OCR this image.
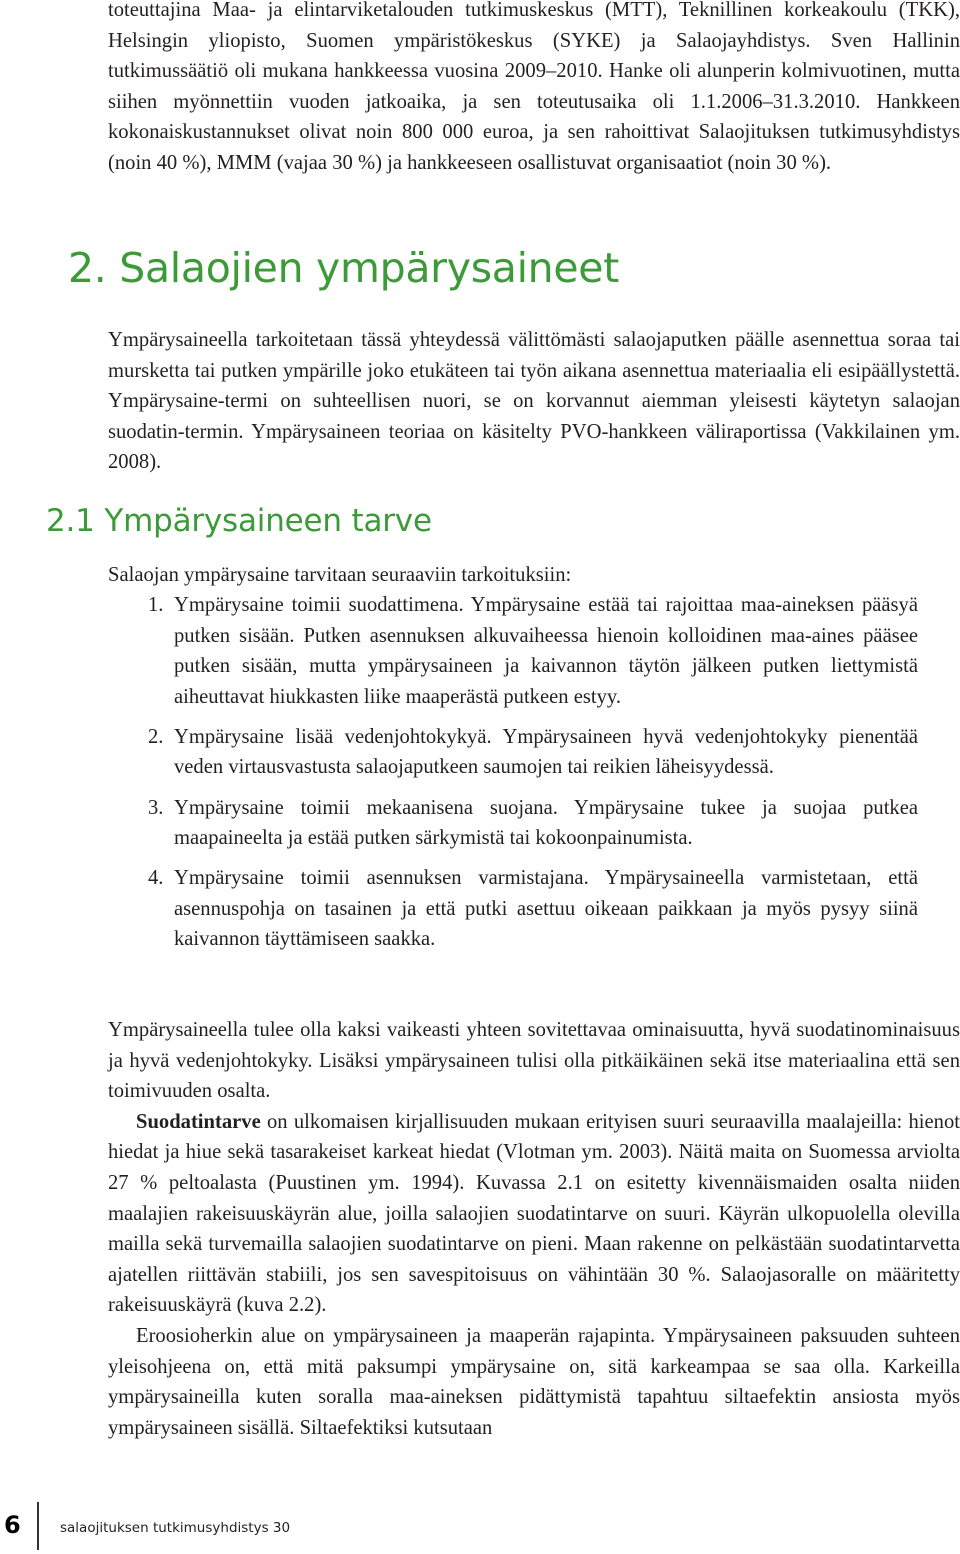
toteuttajina Maa- ja elintarviketalouden tutkimuskeskus (MTT), Teknillinen korkeakoulu (TKK), Helsingin yliopisto, Suomen ympäristökeskus (SYKE) ja Salaojayhdistys. Sven Hallinin tutkimussäätiö oli mukana hankkeessa vuosina 2009–2010. Hanke oli alunperin kolmivuotinen, mutta siihen myönnettiin vuoden jatkoaika, ja sen toteutusaika oli 1.1.2006–31.3.2010. Hankkeen kokonaiskustannukset olivat noin 800 000 euroa, ja sen rahoittivat Salaojituksen tutkimusyhdistys (noin 40 %), MMM (vajaa 30 %) ja hankkeeseen osallistuvat organisaatiot (noin 30 %).

2. Salaojien ympärysaineet

Ympärysaineella tarkoitetaan tässä yhteydessä välittömästi salaojaputken päälle asennettua soraa tai mursketta tai putken ympärille joko etukäteen tai työn aikana asennettua materiaalia eli esipäällystettä. Ympärysaine-termi on suhteellisen nuori, se on korvannut aiemman yleisesti käytetyn salaojan suodatin-termin. Ympärysaineen teoriaa on käsitelty PVO-hankkeen väliraportissa (Vakkilainen ym. 2008).

2.1 Ympärysaineen tarve

Salaojan ympärysaine tarvitaan seuraaviin tarkoituksiin:

1. Ympärysaine toimii suodattimena. Ympärysaine estää tai rajoittaa maa-aineksen pääsyä putken sisään. Putken asennuksen alkuvaiheessa hienoin kolloidinen maa-aines pääsee putken sisään, mutta ympärysaineen ja kaivannon täytön jälkeen putken liettymistä aiheuttavat hiukkasten liike maaperästä putkeen estyy.
2. Ympärysaine lisää vedenjohtokykyä. Ympärysaineen hyvä vedenjohtokyky pienentää veden virtausvastusta salaojaputkeen saumojen tai reikien läheisyydessä.
3. Ympärysaine toimii mekaanisena suojana. Ympärysaine tukee ja suojaa putkea maapaineelta ja estää putken särkymistä tai kokoonpainumista.
4. Ympärysaine toimii asennuksen varmistajana. Ympärysaineella varmistetaan, että asennuspohja on tasainen ja että putki asettuu oikeaan paikkaan ja myös pysyy siinä kaivannon täyttämiseen saakka.

Ympärysaineella tulee olla kaksi vaikeasti yhteen sovitettavaa ominaisuutta, hyvä suodatinominaisuus ja hyvä vedenjohtokyky. Lisäksi ympärysaineen tulisi olla pitkäikäinen sekä itse materiaalina että sen toimivuuden osalta.

Suodatintarve on ulkomaisen kirjallisuuden mukaan erityisen suuri seuraavilla maalajeilla: hienot hiedat ja hiue sekä tasarakeiset karkeat hiedat (Vlotman ym. 2003). Näitä maita on Suomessa arviolta 27 % peltoalasta (Puustinen ym. 1994). Kuvassa 2.1 on esitetty kivennäismaiden osalta niiden maalajien rakeisuuskäyrän alue, joilla salaojien suodatintarve on suuri. Käyrän ulkopuolella olevilla mailla sekä turvemailla salaojien suodatintarve on pieni. Maan rakenne on pelkästään suodatintarvetta ajatellen riittävän stabiili, jos sen savespitoisuus on vähintään 30 %. Salaojasoralle on määritetty rakeisuuskäyrä (kuva 2.2).

Eroosioherkin alue on ympärysaineen ja maaperän rajapinta. Ympärysaineen paksuuden suhteen yleisohjeena on, että mitä paksumpi ympärysaine on, sitä karkeampaa se saa olla. Karkeilla ympärysaineilla kuten soralla maa-aineksen pidättymistä tapahtuu siltaefektin ansiosta myös ympärysaineen sisällä. Siltaefektiksi kutsutaan

6	salaojituksen tutkimusyhdistys 30
